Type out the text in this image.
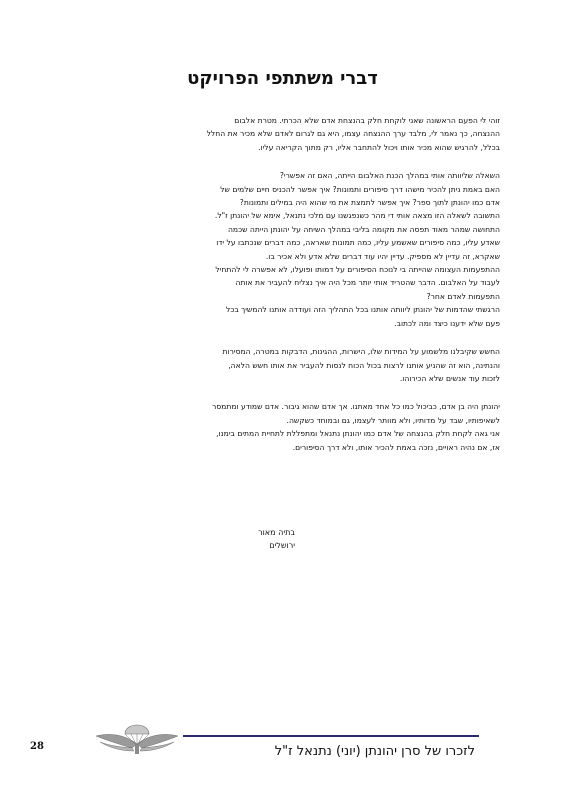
דברי משתתפי הפרויקט

זוהי לי הפעם הראשונה שאני לוקחת חלק בהנצחת אדם שלא הכרתי. מטרת אלבום

ההנצחה, כך נאמר לי, מלבד ערך ההנצחה עצמו, היא גם לגרום לאדם שלא מכיר את החלל

בכלל, להרגיש שהוא מכיר אותו ויכול להתחבר אליו, רק מתוך הקריאה עליו.

השאלה שליוותה אותי במהלך הכנת האלבום הייתה, האם זה אפשרי?

האם באמת ניתן להכיר מישהו דרך סיפורים ותמונות? איך אפשר להכניס חיים שלמים של

אדם כמו יהונתן לתוך ספר? איך אפשר לתמצת את מי שהוא היה במילים ותמונות?

התשובה לשאלה הזו מצאה אותי די מהר כשנפגשנו עם מלכי נתנאל, אימא של יהונתן ז"ל.

התחושה שמהר מאוד תפסה את מקומה בליבי במהלך השיחה על יהונתן הייתה שכמה

שאדע עליו, כמה סיפורים שאשמע עליו, כמה תמונות שאראה, כמה דברים שנכתבו על ידו

שאקרא, זה עדיין לא מספיק. עדיין יהיו עוד דברים שלא אדע ולא אכיר בו.

ההתפעמות העצומה שהייתה בי לנוכח הסיפורים על דמותו ופועלו, לא אפשרה לי להתחיל

לעבוד על האלבום. הדבר שהטריד אותי יותר מכל היה איך נצליח להעביר את אותה

התפעמות לאדם אחר?

הרגשתי שהדמות של יהונתן ליוותה אותנו בכל התהליך הזה ועודדה אותנו להמשיך בכל

פעם שלא ידענו כיצד ומה לכתוב.

החשש שקיבלנו מלשמוע על המידות שלו, הישרות, ההגינות, הדבקות במטרה, המסירות

והנתינה, הוא זה שהניע אותנו לרצות בכול הכוח לנסות להעביר את אותו חשש הלאה,

לזכות עוד אנשים שלא הכירוהו.

יהונתן היה בן אדם, כביכול כמו כל אחד מאתנו. אך אדם שהוא גיבור. אדם שמודע ומתמסר

לשאיפותיו, שבד על מדותיו, ולא מוותר לעצמו, גם ובמוחד כשקשה.

אני גאה לקחת חלק בהנצחה של אדם כמו יהונתן נתנאל ומתפללת לתחיית המתים בימנו,

אז, אם נהיה ראויים, נזכה באמת להכיר אותו, ולא דרך הסיפורים.

בתיה מאור
ירושלים
לזכרו של סרן יהונתן (יוני) נתנאל ז"ל
28
